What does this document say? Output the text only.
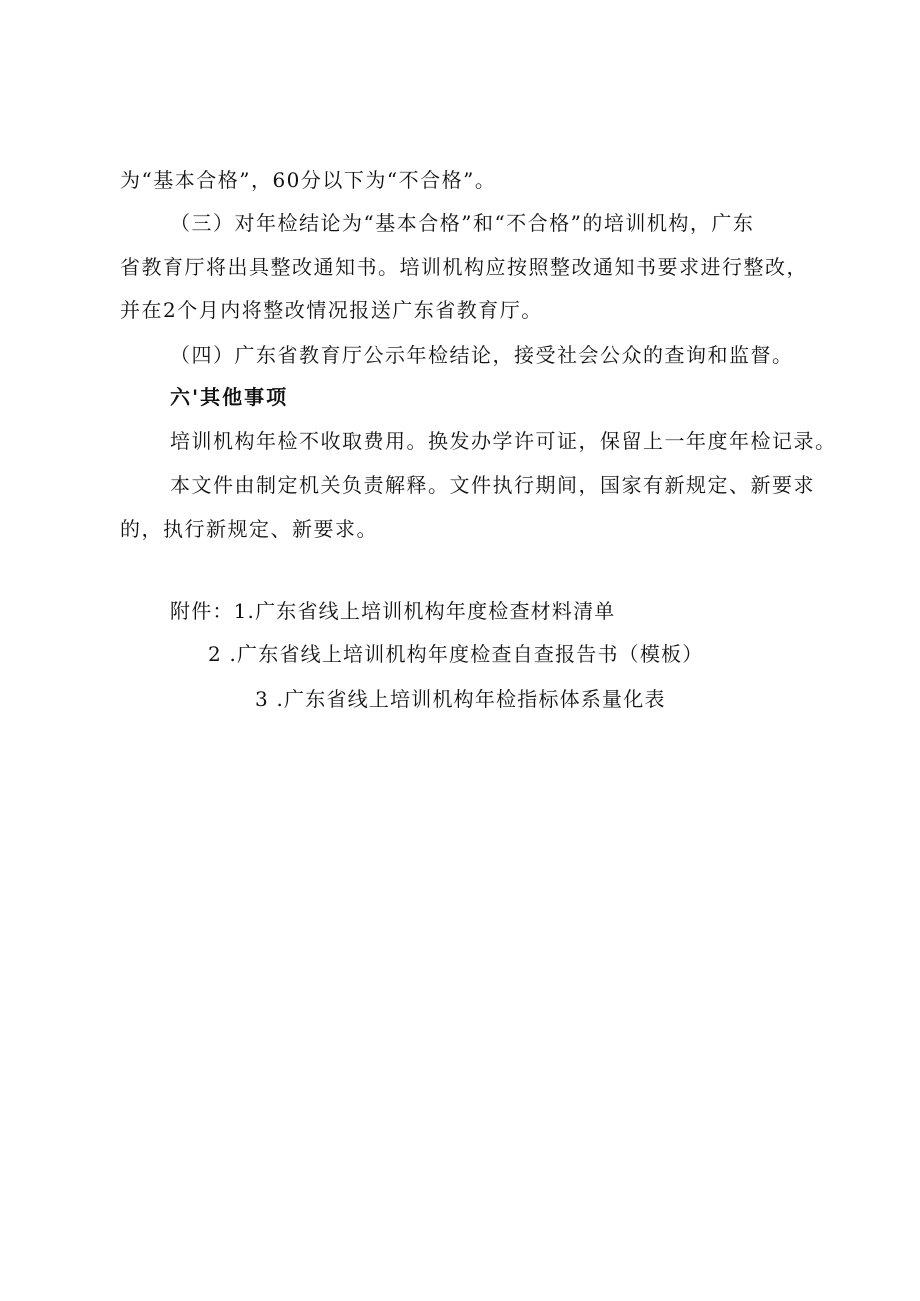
为“基本合格”，60分以下为“不合格”。
（三）对年检结论为“基本合格”和“不合格”的培训机构，广东
省教育厅将出具整改通知书。培训机构应按照整改通知书要求进行整改，
并在2个月内将整改情况报送广东省教育厅。
（四）广东省教育厅公示年检结论，接受社会公众的查询和监督。
六'其他事项
培训机构年检不收取费用。换发办学许可证，保留上一年度年检记录。
本文件由制定机关负责解释。文件执行期间，国家有新规定、新要求
的，执行新规定、新要求。
附件：1.广东省线上培训机构年度检查材料清单
2 .广东省线上培训机构年度检查自查报告书（模板）
3 .广东省线上培训机构年检指标体系量化表
